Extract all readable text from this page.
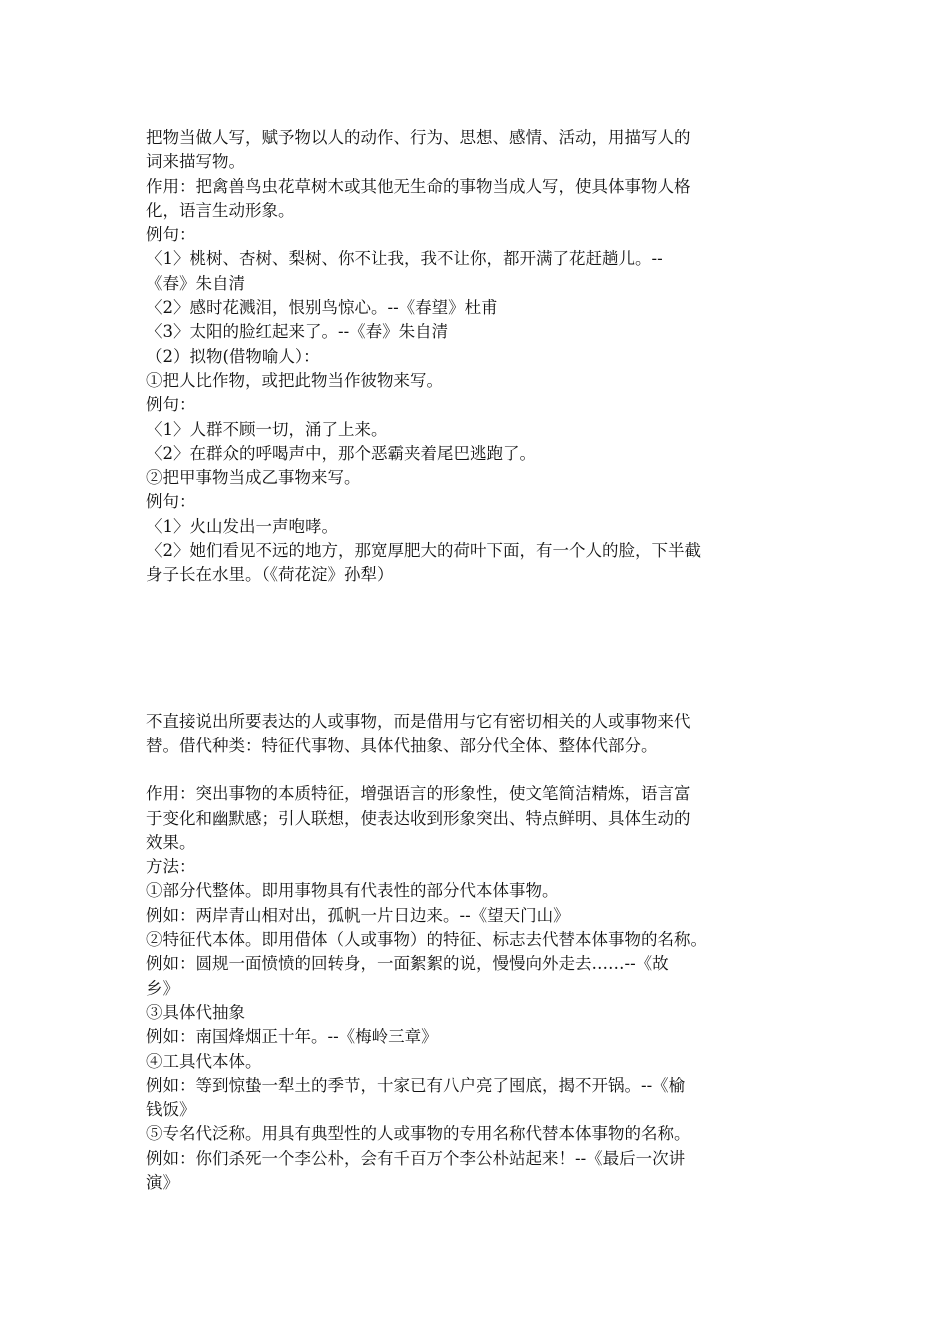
把物当做人写，赋予物以人的动作、行为、思想、感情、活动，用描写人的

词来描写物。

作用：把禽兽鸟虫花草树木或其他无生命的事物当成人写，使具体事物人格

化，语言生动形象。

例句：

〈1〉桃树、杏树、梨树、你不让我，我不让你，都开满了花赶趟儿。--

《春》朱自清

〈2〉感时花溅泪，恨别鸟惊心。--《春望》杜甫

〈3〉太阳的脸红起来了。--《春》朱自清

（2）拟物(借物喻人）：

①把人比作物，或把此物当作彼物来写。

例句：

〈1〉人群不顾一切，涌了上来。

〈2〉在群众的呼喝声中，那个恶霸夹着尾巴逃跑了。

②把甲事物当成乙事物来写。

例句：

〈1〉火山发出一声咆哮。

〈2〉她们看见不远的地方，那宽厚肥大的荷叶下面，有一个人的脸，下半截

身子长在水里。（《荷花淀》孙犁）

不直接说出所要表达的人或事物，而是借用与它有密切相关的人或事物来代

替。借代种类：特征代事物、具体代抽象、部分代全体、整体代部分。

作用：突出事物的本质特征，增强语言的形象性，使文笔简洁精炼，语言富

于变化和幽默感；引人联想，使表达收到形象突出、特点鲜明、具体生动的

效果。

方法：

①部分代整体。即用事物具有代表性的部分代本体事物。

例如：两岸青山相对出，孤帆一片日边来。--《望天门山》

②特征代本体。即用借体（人或事物）的特征、标志去代替本体事物的名称。

例如：圆规一面愤愤的回转身，一面絮絮的说，慢慢向外走去……--《故

乡》

③具体代抽象

例如：南国烽烟正十年。--《梅岭三章》

④工具代本体。

例如：等到惊蛰一犁土的季节，十家已有八户亮了囤底，揭不开锅。--《榆

钱饭》

⑤专名代泛称。用具有典型性的人或事物的专用名称代替本体事物的名称。

例如：你们杀死一个李公朴，会有千百万个李公朴站起来！--《最后一次讲

演》
